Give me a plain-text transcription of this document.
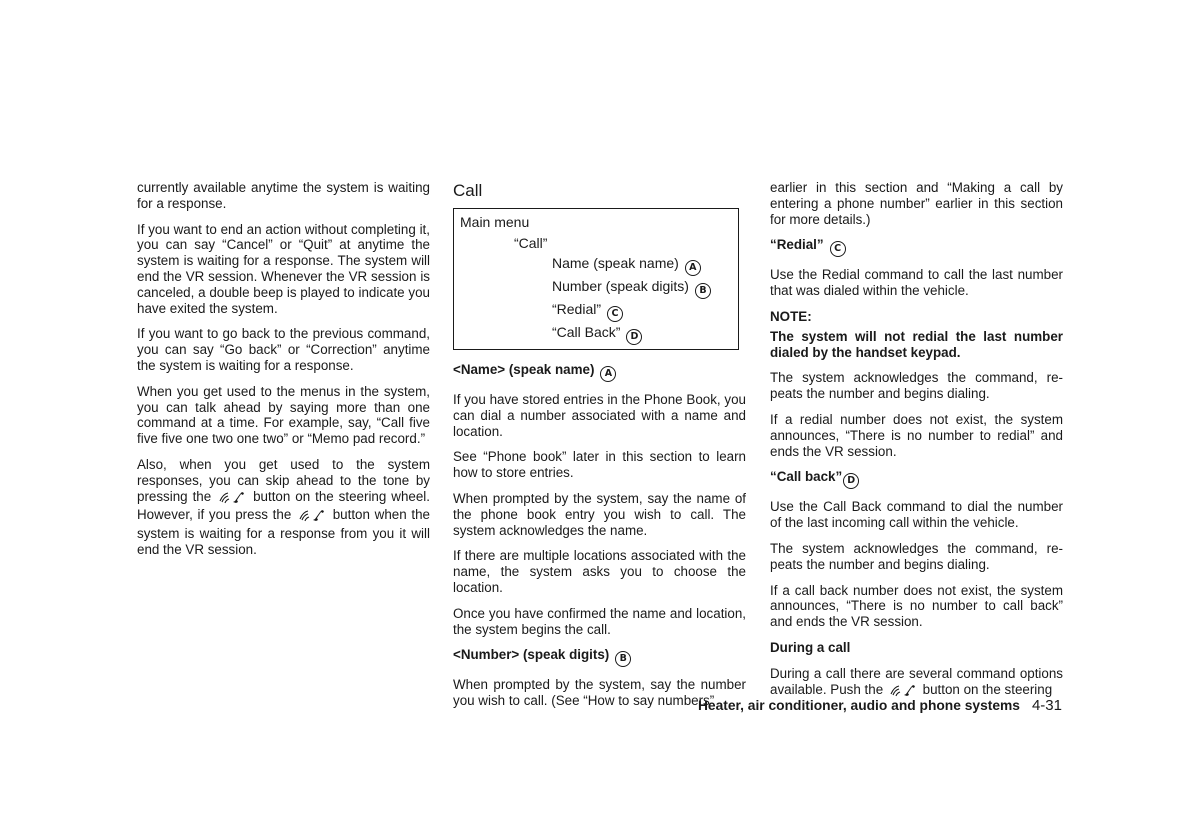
currently available anytime the system is waiting for a response.

If you want to end an action without completing it, you can say “Cancel” or “Quit” at anytime the system is waiting for a response. The system will end the VR session. Whenever the VR session is canceled, a double beep is played to indicate you have exited the system.

If you want to go back to the previous command, you can say “Go back” or “Correction” anytime the system is waiting for a response.

When you get used to the menus in the system, you can talk ahead by saying more than one command at a time. For example, say, “Call five five five one two one two” or “Memo pad record.”

Also, when you get used to the system responses, you can skip ahead to the tone by pressing the	button on the steering wheel. However, if you press the	button when the system is waiting for a response from you it will end the VR session.

Call
Main menu
“Call”
Name (speak name) A
Number (speak digits) B
“Redial” C
“Call Back” D
<Name> (speak name) A

If you have stored entries in the Phone Book, you can dial a number associated with a name and location.

See “Phone book” later in this section to learn how to store entries.

When prompted by the system, say the name of the phone book entry you wish to call. The system acknowledges the name.

If there are multiple locations associated with the name, the system asks you to choose the location.

Once you have confirmed the name and location, the system begins the call.

<Number> (speak digits) B

When prompted by the system, say the number you wish to call. (See “How to say numbers”

earlier in this section and “Making a call by entering a phone number” earlier in this section for more details.)

“Redial” C

Use the Redial command to call the last number that was dialed within the vehicle.

NOTE:

The system will not redial the last number dialed by the handset keypad.

The system acknowledges the command, re-peats the number and begins dialing.

If a redial number does not exist, the system announces, “There is no number to redial” and ends the VR session.

“Call back” D

Use the Call Back command to dial the number of the last incoming call within the vehicle.

The system acknowledges the command, re-peats the number and begins dialing.

If a call back number does not exist, the system announces, “There is no number to call back” and ends the VR session.

During a call

During a call there are several command options available. Push the	button on the steering

Heater, air conditioner, audio and phone systems 4-31
